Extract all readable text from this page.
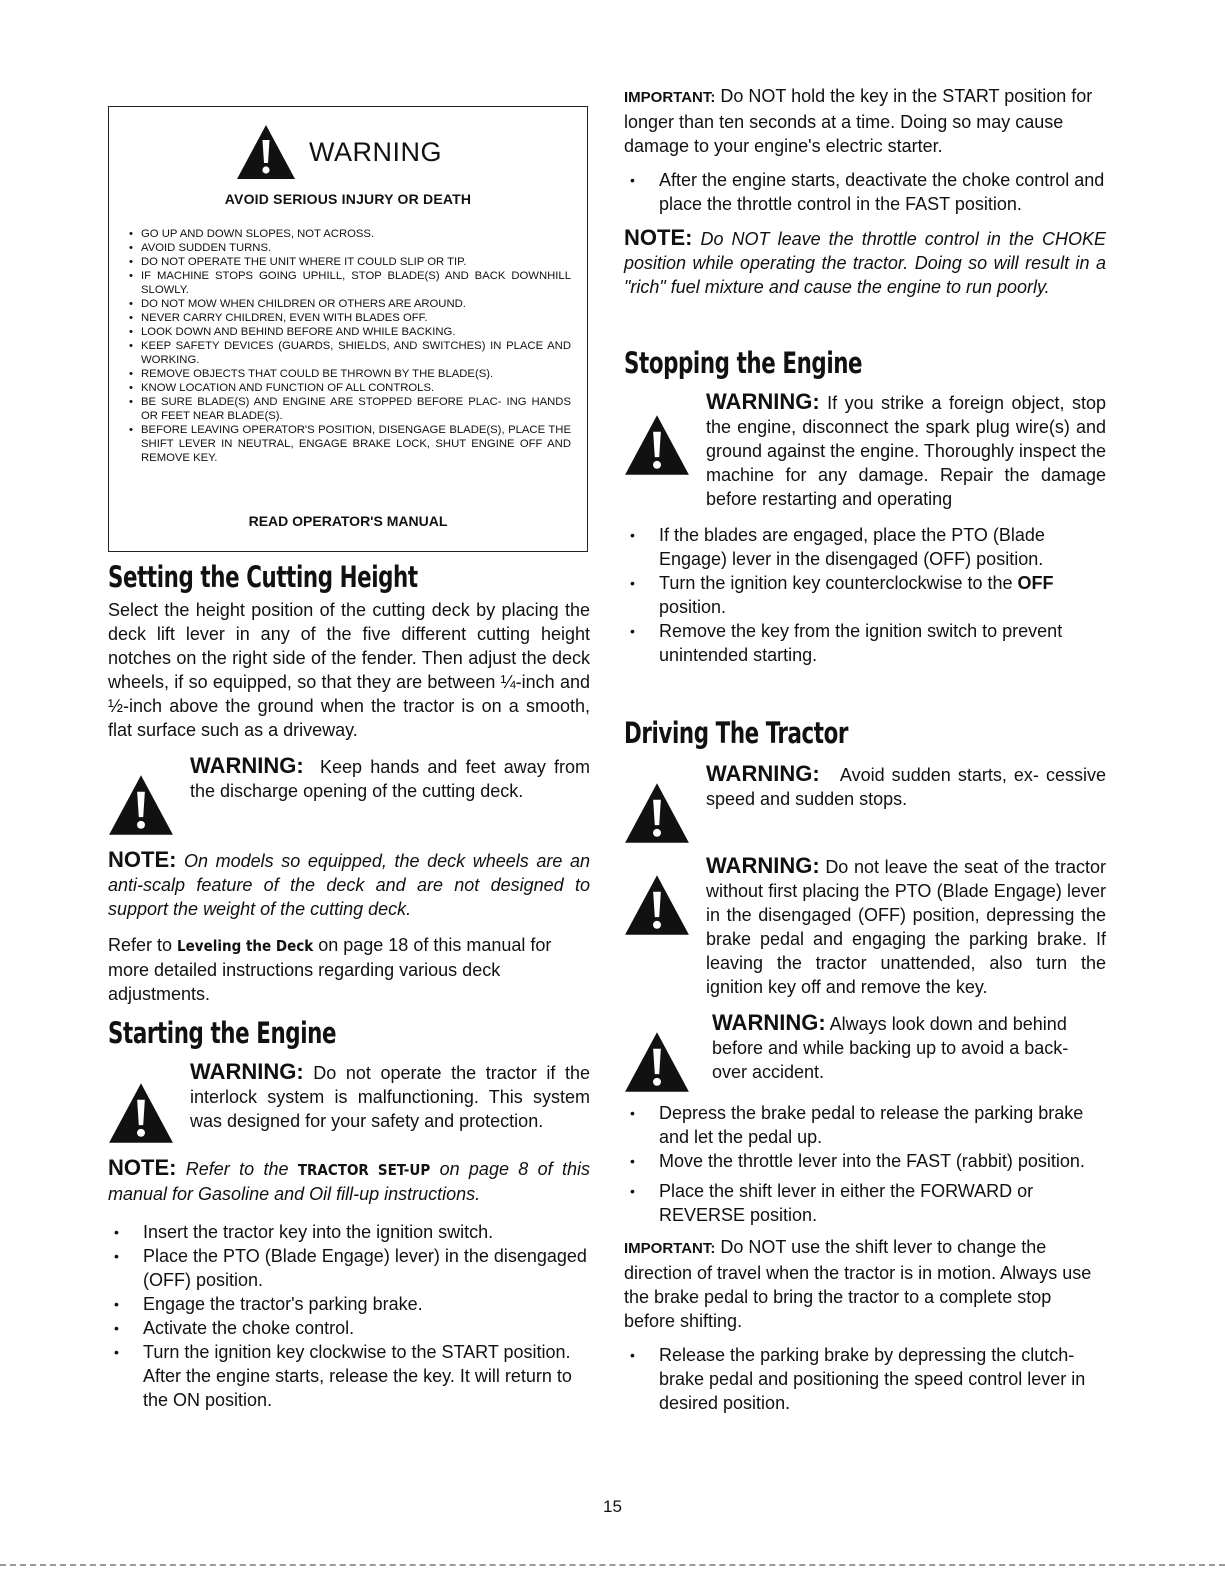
WARNING
AVOID SERIOUS INJURY OR DEATH
• GO UP AND DOWN SLOPES, NOT ACROSS.
• AVOID SUDDEN TURNS.
• DO NOT OPERATE THE UNIT WHERE IT COULD SLIP OR TIP.
• IF MACHINE STOPS GOING UPHILL, STOP BLADE(S) AND BACK DOWNHILL SLOWLY.
• DO NOT MOW WHEN CHILDREN OR OTHERS ARE AROUND.
• NEVER CARRY CHILDREN, EVEN WITH BLADES OFF.
• LOOK DOWN AND BEHIND BEFORE AND WHILE BACKING.
• KEEP SAFETY DEVICES (GUARDS, SHIELDS, AND SWITCHES) IN PLACE AND WORKING.
• REMOVE OBJECTS THAT COULD BE THROWN BY THE BLADE(S).
• KNOW LOCATION AND FUNCTION OF ALL CONTROLS.
• BE SURE BLADE(S) AND ENGINE ARE STOPPED BEFORE PLAC- ING HANDS OR FEET NEAR BLADE(S).
• BEFORE LEAVING OPERATOR'S POSITION, DISENGAGE BLADE(S), PLACE THE SHIFT LEVER IN NEUTRAL, ENGAGE BRAKE LOCK, SHUT ENGINE OFF AND REMOVE KEY.
READ OPERATOR'S MANUAL
Setting the Cutting Height

Select the height position of the cutting deck by placing the deck lift lever in any of the five different cutting height notches on the right side of the fender. Then adjust the deck wheels, if so equipped, so that they are between ¼-inch and ½-inch above the ground when the tractor is on a smooth, flat surface such as a driveway.

WARNING: Keep hands and feet away from the discharge opening of the cutting deck.

NOTE: On models so equipped, the deck wheels are an anti-scalp feature of the deck and are not designed to support the weight of the cutting deck.

Refer to Leveling the Deck on page 18 of this manual for more detailed instructions regarding various deck adjustments.

Starting the Engine
WARNING: Do not operate the tractor if the interlock system is malfunctioning. This system was designed for your safety and protection.

NOTE: Refer to the TRACTOR SET-UP on page 8 of this manual for Gasoline and Oil fill-up instructions.

• Insert the tractor key into the ignition switch.
• Place the PTO (Blade Engage) lever) in the disengaged (OFF) position.
• Engage the tractor's parking brake.
• Activate the choke control.
• Turn the ignition key clockwise to the START position. After the engine starts, release the key. It will return to the ON position.

IMPORTANT: Do NOT hold the key in the START position for longer than ten seconds at a time. Doing so may cause damage to your engine's electric starter.

• After the engine starts, deactivate the choke control and place the throttle control in the FAST position.

NOTE: Do NOT leave the throttle control in the CHOKE position while operating the tractor. Doing so will result in a "rich" fuel mixture and cause the engine to run poorly.

Stopping the Engine
WARNING: If you strike a foreign object, stop the engine, disconnect the spark plug wire(s) and ground against the engine. Thoroughly inspect the machine for any damage. Repair the damage before restarting and operating
• If the blades are engaged, place the PTO (Blade Engage) lever in the disengaged (OFF) position.
• Turn the ignition key counterclockwise to the OFF position.
• Remove the key from the ignition switch to prevent unintended starting.
Driving The Tractor
WARNING: Avoid sudden starts, ex- cessive speed and sudden stops.
WARNING: Do not leave the seat of the tractor without first placing the PTO (Blade Engage) lever in the disengaged (OFF) position, depressing the brake pedal and engaging the parking brake. If leaving the tractor unattended, also turn the ignition key off and remove the key.
WARNING: Always look down and behind before and while backing up to avoid a back- over accident.
• Depress the brake pedal to release the parking brake and let the pedal up.
• Move the throttle lever into the FAST (rabbit) position.
• Place the shift lever in either the FORWARD or REVERSE position.

IMPORTANT: Do NOT use the shift lever to change the direction of travel when the tractor is in motion. Always use the brake pedal to bring the tractor to a complete stop before shifting.

• Release the parking brake by depressing the clutch-brake pedal and positioning the speed control lever in desired position.
15
